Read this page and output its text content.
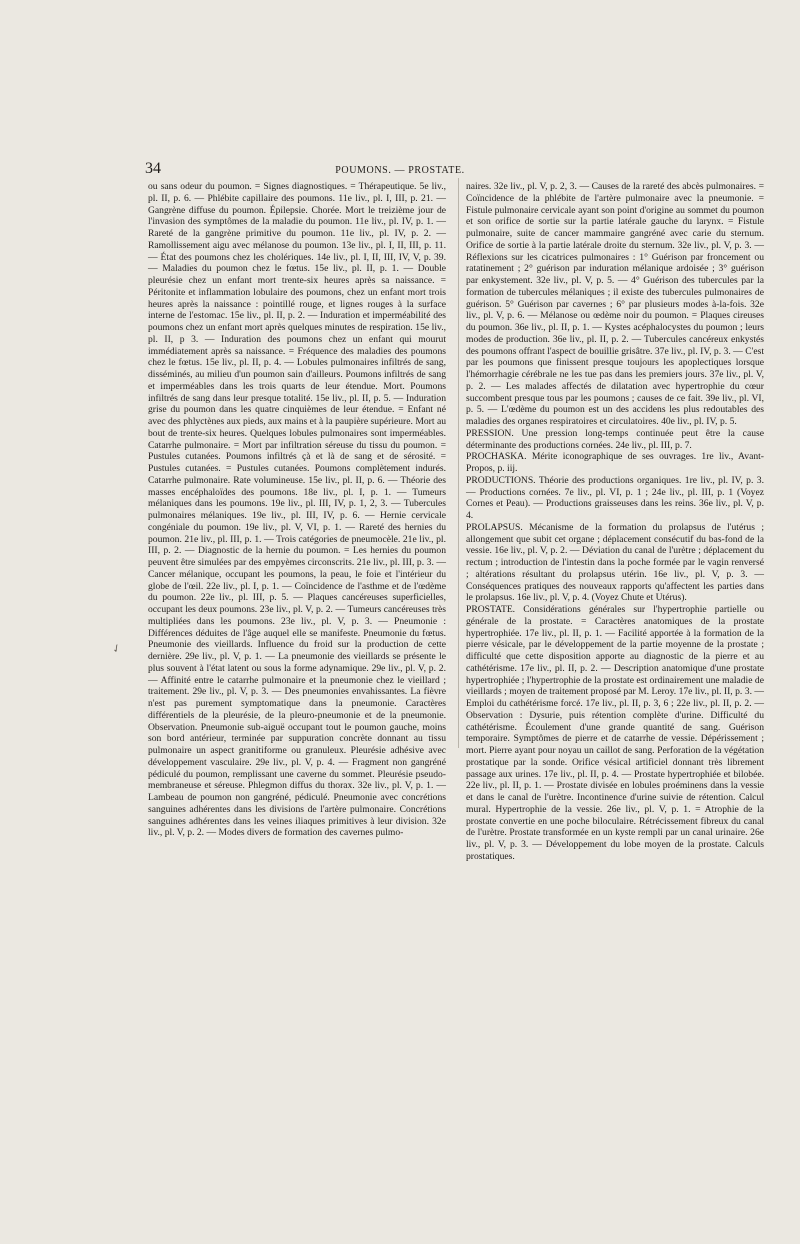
34	POUMONS. — PROSTATE.

ou sans odeur du poumon. = Signes diagnostiques. = Thérapeutique. 5e liv., pl. II, p. 6. — Phlébite capillaire des poumons. 11e liv., pl. I, III, p. 21. — Gangrène diffuse du poumon. Épilepsie. Chorée. Mort le treizième jour de l'invasion des symptômes de la maladie du poumon. 11e liv., pl. IV, p. 1. — Rareté de la gangrène primitive du poumon. 11e liv., pl. IV, p. 2. — Ramollissement aigu avec mélanose du poumon. 13e liv., pl. I, II, III, p. 11. — État des poumons chez les cholériques. 14e liv., pl. I, II, III, IV, V, p. 39. — Maladies du poumon chez le fœtus. 15e liv., pl. II, p. 1. — Double pleurésie chez un enfant mort trente-six heures après sa naissance. = Péritonite et inflammation lobulaire des poumons, chez un enfant mort trois heures après la naissance : pointillé rouge, et lignes rouges à la surface interne de l'estomac. 15e liv., pl. II, p. 2. — Induration et imperméabilité des poumons chez un enfant mort après quelques minutes de respiration. 15e liv., pl. II, p 3. — Induration des poumons chez un enfant qui mourut immédiatement après sa naissance. = Fréquence des maladies des poumons chez le fœtus. 15e liv., pl. II, p. 4. — Lobules pulmonaires infiltrés de sang, disséminés, au milieu d'un poumon sain d'ailleurs. Poumons infiltrés de sang et imperméables dans les trois quarts de leur étendue. Mort. Poumons infiltrés de sang dans leur presque totalité. 15e liv., pl. II, p. 5. — Induration grise du poumon dans les quatre cinquièmes de leur étendue. = Enfant né avec des phlyctènes aux pieds, aux mains et à la paupière supérieure. Mort au bout de trente-six heures. Quelques lobules pulmonaires sont imperméables. Catarrhe pulmonaire. = Mort par infiltration séreuse du tissu du poumon. = Pustules cutanées. Poumons infiltrés çà et là de sang et de sérosité. = Pustules cutanées. = Pustules cutanées. Poumons complètement indurés. Catarrhe pulmonaire. Rate volumineuse. 15e liv., pl. II, p. 6. — Théorie des masses encéphaloïdes des poumons. 18e liv., pl. I, p. 1. — Tumeurs mélaniques dans les poumons. 19e liv., pl. III, IV, p. 1, 2, 3. — Tubercules pulmonaires mélaniques. 19e liv., pl. III, IV, p. 6. — Hernie cervicale congéniale du poumon. 19e liv., pl. V, VI, p. 1. — Rareté des hernies du poumon. 21e liv., pl. III, p. 1. — Trois catégories de pneumocèle. 21e liv., pl. III, p. 2. — Diagnostic de la hernie du poumon. = Les hernies du poumon peuvent être simulées par des empyèmes circonscrits. 21e liv., pl. III, p. 3. — Cancer mélanique, occupant les poumons, la peau, le foie et l'intérieur du globe de l'œil. 22e liv., pl. I, p. 1. — Coïncidence de l'asthme et de l'œdème du poumon. 22e liv., pl. III, p. 5. — Plaques cancéreuses superficielles, occupant les deux poumons. 23e liv., pl. V, p. 2. — Tumeurs cancéreuses très multipliées dans les poumons. 23e liv., pl. V, p. 3. — Pneumonie : Différences déduites de l'âge auquel elle se manifeste. Pneumonie du fœtus. Pneumonie des vieillards. Influence du froid sur la production de cette dernière. 29e liv., pl. V, p. 1. — La pneumonie des vieillards se présente le plus souvent à l'état latent ou sous la forme adynamique. 29e liv., pl. V, p. 2. — Affinité entre le catarrhe pulmonaire et la pneumonie chez le vieillard ; traitement. 29e liv., pl. V, p. 3. — Des pneumonies envahissantes. La fièvre n'est pas purement symptomatique dans la pneumonie. Caractères différentiels de la pleurésie, de la pleuro-pneumonie et de la pneumonie. Observation. Pneumonie sub-aiguë occupant tout le poumon gauche, moins son bord antérieur, terminée par suppuration concrète donnant au tissu pulmonaire un aspect granitiforme ou granuleux. Pleurésie adhésive avec développement vasculaire. 29e liv., pl. V, p. 4. — Fragment non gangréné pédiculé du poumon, remplissant une caverne du sommet. Pleurésie pseudo-membraneuse et séreuse. Phlegmon diffus du thorax. 32e liv., pl. V, p. 1. — Lambeau de poumon non gangréné, pédiculé. Pneumonie avec concrétions sanguines adhérentes dans les divisions de l'artère pulmonaire. Concrétions sanguines adhérentes dans les veines iliaques primitives à leur division. 32e liv., pl. V, p. 2. — Modes divers de formation des cavernes pulmo-

naires. 32e liv., pl. V, p. 2, 3. — Causes de la rareté des abcès pulmonaires. = Coïncidence de la phlébite de l'artère pulmonaire avec la pneumonie. = Fistule pulmonaire cervicale ayant son point d'origine au sommet du poumon et son orifice de sortie sur la partie latérale gauche du larynx. = Fistule pulmonaire, suite de cancer mammaire gangréné avec carie du sternum. Orifice de sortie à la partie latérale droite du sternum. 32e liv., pl. V, p. 3. — Réflexions sur les cicatrices pulmonaires : 1° Guérison par froncement ou ratatinement ; 2° guérison par induration mélanique ardoisée ; 3° guérison par enkystement. 32e liv., pl. V, p. 5. — 4° Guérison des tubercules par la formation de tubercules mélaniques ; il existe des tubercules pulmonaires de guérison. 5° Guérison par cavernes ; 6° par plusieurs modes à-la-fois. 32e liv., pl. V, p. 6. — Mélanose ou œdème noir du poumon. = Plaques cireuses du poumon. 36e liv., pl. II, p. 1. — Kystes acéphalocystes du poumon ; leurs modes de production. 36e liv., pl. II, p. 2. — Tubercules cancéreux enkystés des poumons offrant l'aspect de bouillie grisâtre. 37e liv., pl. IV, p. 3. — C'est par les poumons que finissent presque toujours les apoplectiques lorsque l'hémorrhagie cérébrale ne les tue pas dans les premiers jours. 37e liv., pl. V, p. 2. — Les malades affectés de dilatation avec hypertrophie du cœur succombent presque tous par les poumons ; causes de ce fait. 39e liv., pl. VI, p. 5. — L'œdème du poumon est un des accidens les plus redoutables des maladies des organes respiratoires et circulatoires. 40e liv., pl. IV, p. 5.

PRESSION. Une pression long-temps continuée peut être la cause déterminante des productions cornées. 24e liv., pl. III, p. 7.

PROCHASKA. Mérite iconographique de ses ouvrages. 1re liv., Avant-Propos, p. iij.

PRODUCTIONS. Théorie des productions organiques. 1re liv., pl. IV, p. 3. — Productions cornées. 7e liv., pl. VI, p. 1 ; 24e liv., pl. III, p. 1 (Voyez Cornes et Peau). — Productions graisseuses dans les reins. 36e liv., pl. V, p. 4.

PROLAPSUS. Mécanisme de la formation du prolapsus de l'utérus ; allongement que subit cet organe ; déplacement consécutif du bas-fond de la vessie. 16e liv., pl. V, p. 2. — Déviation du canal de l'urètre ; déplacement du rectum ; introduction de l'intestin dans la poche formée par le vagin renversé ; altérations résultant du prolapsus utérin. 16e liv., pl. V, p. 3. — Conséquences pratiques des nouveaux rapports qu'affectent les parties dans le prolapsus. 16e liv., pl. V, p. 4. (Voyez Chute et Utérus).

PROSTATE. Considérations générales sur l'hypertrophie partielle ou générale de la prostate. = Caractères anatomiques de la prostate hypertrophiée. 17e liv., pl. II, p. 1. — Facilité apportée à la formation de la pierre vésicale, par le développement de la partie moyenne de la prostate ; difficulté que cette disposition apporte au diagnostic de la pierre et au cathétérisme. 17e liv., pl. II, p. 2. — Description anatomique d'une prostate hypertrophiée ; l'hypertrophie de la prostate est ordinairement une maladie de vieillards ; moyen de traitement proposé par M. Leroy. 17e liv., pl. II, p. 3. — Emploi du cathétérisme forcé. 17e liv., pl. II, p. 3, 6 ; 22e liv., pl. II, p. 2. — Observation : Dysurie, puis rétention complète d'urine. Difficulté du cathétérisme. Écoulement d'une grande quantité de sang. Guérison temporaire. Symptômes de pierre et de catarrhe de vessie. Dépérissement ; mort. Pierre ayant pour noyau un caillot de sang. Perforation de la végétation prostatique par la sonde. Orifice vésical artificiel donnant très librement passage aux urines. 17e liv., pl. II, p. 4. — Prostate hypertrophiée et bilobée. 22e liv., pl. II, p. 1. — Prostate divisée en lobules proéminens dans la vessie et dans le canal de l'urètre. Incontinence d'urine suivie de rétention. Calcul mural. Hypertrophie de la vessie. 26e liv., pl. V, p. 1. = Atrophie de la prostate convertie en une poche biloculaire. Rétrécissement fibreux du canal de l'urètre. Prostate transformée en un kyste rempli par un canal urinaire. 26e liv., pl. V, p. 3. — Développement du lobe moyen de la prostate. Calculs prostatiques.

✓
